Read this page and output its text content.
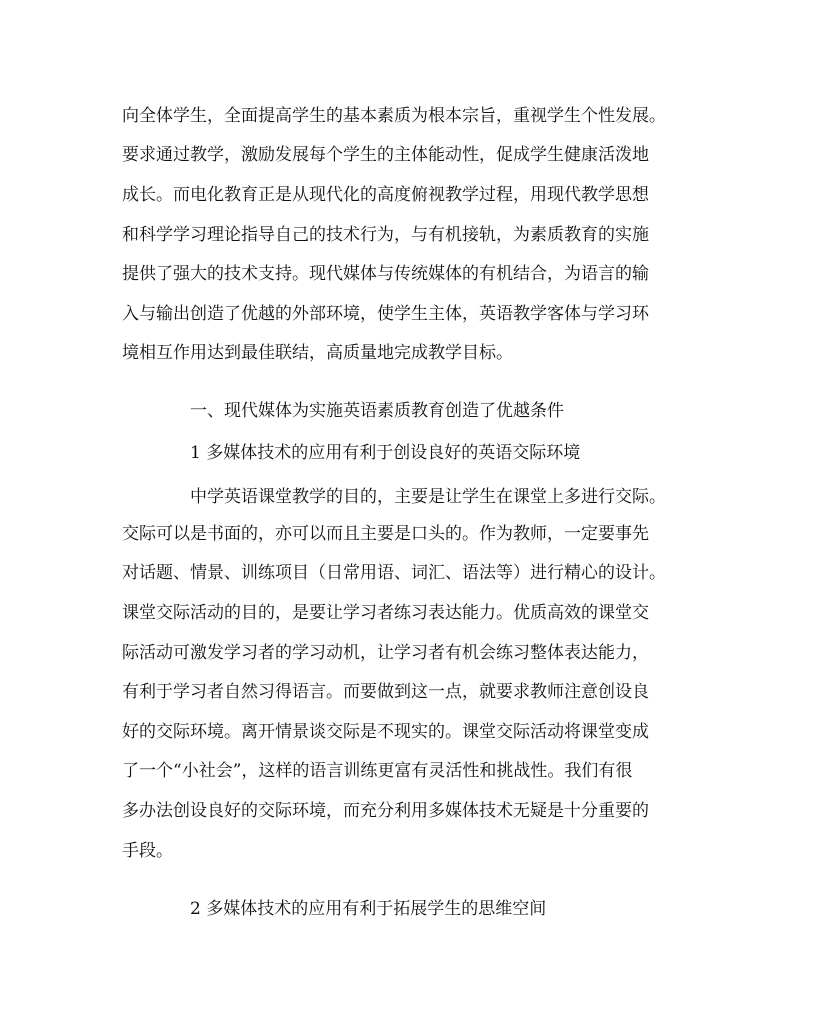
向全体学生，全面提高学生的基本素质为根本宗旨，重视学生个性发展。
要求通过教学，激励发展每个学生的主体能动性，促成学生健康活泼地
成长。而电化教育正是从现代化的高度俯视教学过程，用现代教学思想
和科学学习理论指导自己的技术行为，与有机接轨，为素质教育的实施
提供了强大的技术支持。现代媒体与传统媒体的有机结合，为语言的输
入与输出创造了优越的外部环境，使学生主体，英语教学客体与学习环
境相互作用达到最佳联结，高质量地完成教学目标。
一、现代媒体为实施英语素质教育创造了优越条件
1 多媒体技术的应用有利于创设良好的英语交际环境
中学英语课堂教学的目的，主要是让学生在课堂上多进行交际。
交际可以是书面的，亦可以而且主要是口头的。作为教师，一定要事先
对话题、情景、训练项目（日常用语、词汇、语法等）进行精心的设计。
课堂交际活动的目的，是要让学习者练习表达能力。优质高效的课堂交
际活动可激发学习者的学习动机，让学习者有机会练习整体表达能力，
有利于学习者自然习得语言。而要做到这一点，就要求教师注意创设良
好的交际环境。离开情景谈交际是不现实的。课堂交际活动将课堂变成
了一个“小社会”，这样的语言训练更富有灵活性和挑战性。我们有很
多办法创设良好的交际环境，而充分利用多媒体技术无疑是十分重要的
手段。
2 多媒体技术的应用有利于拓展学生的思维空间
